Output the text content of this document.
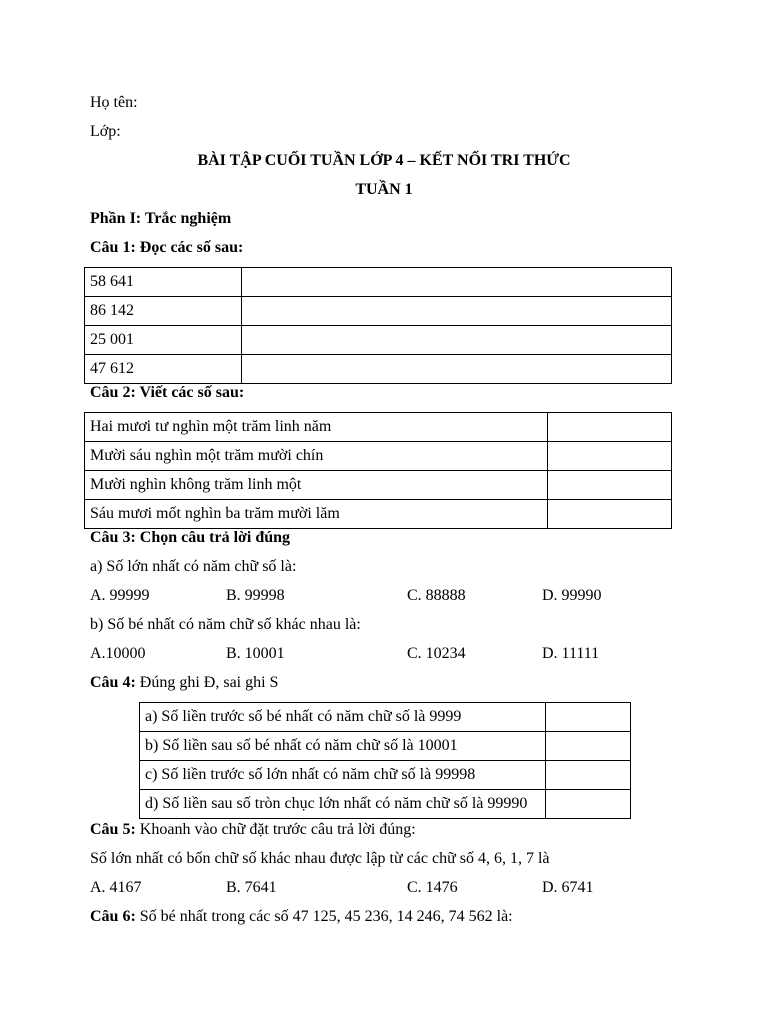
Họ tên:
Lớp:
BÀI TẬP CUỐI TUẦN LỚP 4 – KẾT NỐI TRI THỨC
TUẦN 1
Phần I: Trắc nghiệm
Câu 1: Đọc các số sau:
58 641	
86 142	
25 001	
47 612	
Câu 2: Viết các số sau:
Hai mươi tư nghìn một trăm linh năm	
Mười sáu nghìn một trăm mười chín	
Mười nghìn không trăm linh một	
Sáu mươi mốt nghìn ba trăm mười lăm	
Câu 3: Chọn câu trả lời đúng
a) Số lớn nhất có năm chữ số là:
A. 99999	B. 99998	C. 88888	D. 99990
b) Số bé nhất có năm chữ số khác nhau là:
A.10000	B. 10001	C. 10234	D. 11111
Câu 4: Đúng ghi Đ, sai ghi S
a) Số liền trước số bé nhất có năm chữ số là 9999	
b) Số liền sau số bé nhất có năm chữ số là 10001	
c) Số liền trước số lớn nhất có năm chữ số là 99998	
d) Số liền sau số tròn chục lớn nhất có năm chữ số là 99990	
Câu 5: Khoanh vào chữ đặt trước câu trả lời đúng:
Số lớn nhất có bốn chữ số khác nhau được lập từ các chữ số 4, 6, 1, 7 là
A. 4167	B. 7641	C. 1476	D. 6741
Câu 6: Số bé nhất trong các số 47 125, 45 236, 14 246, 74 562 là:
